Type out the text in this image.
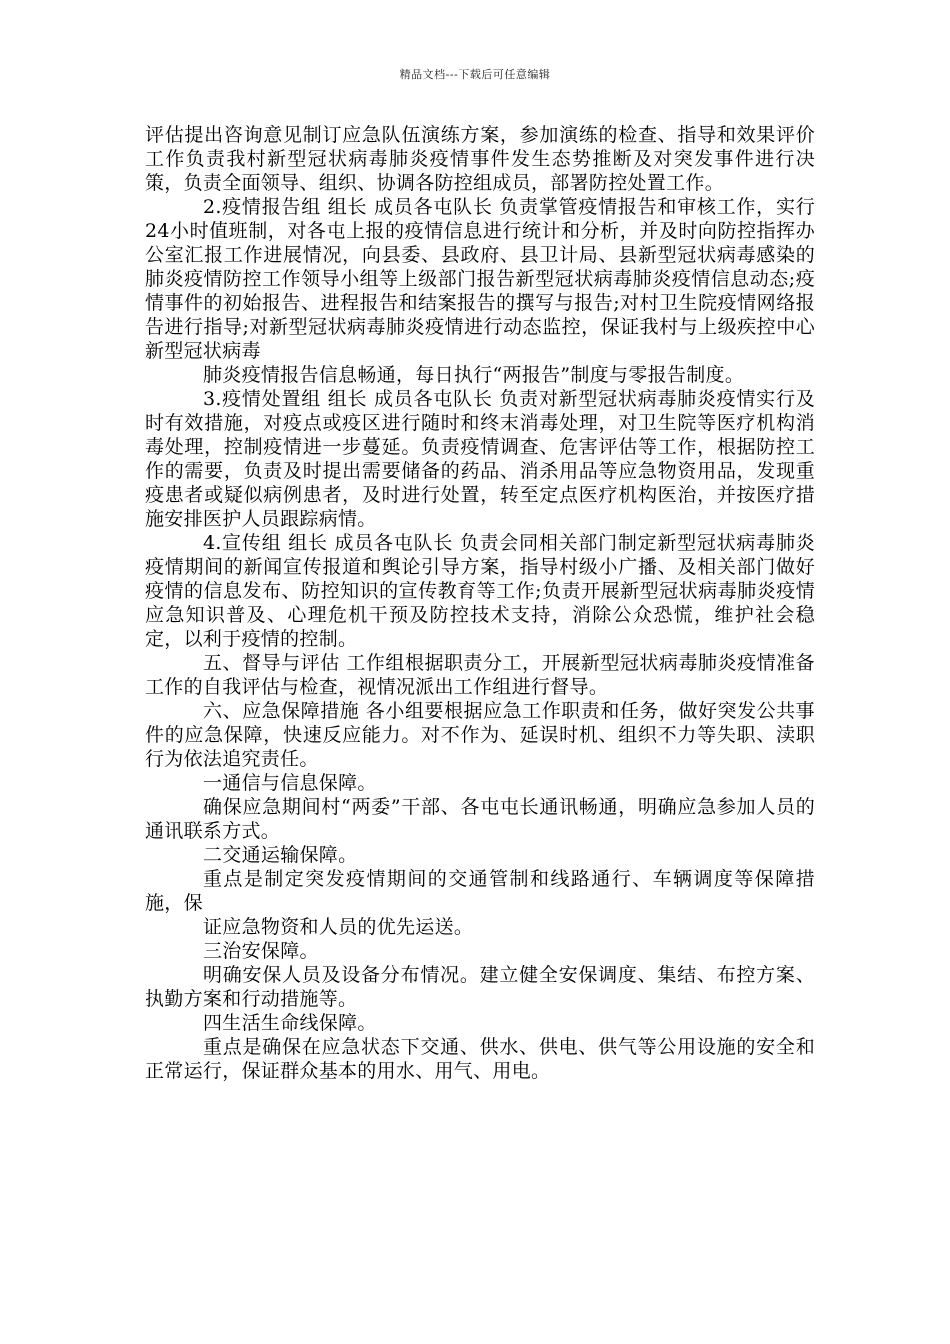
精品文档---下载后可任意编辑

评估提出咨询意见制订应急队伍演练方案，参加演练的检查、指导和效果评价工作负责我村新型冠状病毒肺炎疫情事件发生态势推断及对突发事件进行决策，负责全面领导、组织、协调各防控组成员，部署防控处置工作。

2.疫情报告组 组长 成员各屯队长 负责掌管疫情报告和审核工作，实行 24小时值班制，对各屯上报的疫情信息进行统计和分析，并及时向防控指挥办公室汇报工作进展情况，向县委、县政府、县卫计局、县新型冠状病毒感染的肺炎疫情防控工作领导小组等上级部门报告新型冠状病毒肺炎疫情信息动态;疫情事件的初始报告、进程报告和结案报告的撰写与报告;对村卫生院疫情网络报告进行指导;对新型冠状病毒肺炎疫情进行动态监控，保证我村与上级疾控中心新型冠状病毒

肺炎疫情报告信息畅通，每日执行“两报告”制度与零报告制度。

3.疫情处置组 组长 成员各屯队长 负责对新型冠状病毒肺炎疫情实行及时有效措施，对疫点或疫区进行随时和终末消毒处理，对卫生院等医疗机构消毒处理，控制疫情进一步蔓延。负责疫情调查、危害评估等工作，根据防控工作的需要，负责及时提出需要储备的药品、消杀用品等应急物资用品，发现重疫患者或疑似病例患者，及时进行处置，转至定点医疗机构医治，并按医疗措施安排医护人员跟踪病情。

4.宣传组 组长 成员各屯队长 负责会同相关部门制定新型冠状病毒肺炎疫情期间的新闻宣传报道和舆论引导方案，指导村级小广播、及相关部门做好疫情的信息发布、防控知识的宣传教育等工作;负责开展新型冠状病毒肺炎疫情应急知识普及、心理危机干预及防控技术支持，消除公众恐慌，维护社会稳定，以利于疫情的控制。

五、督导与评估 工作组根据职责分工，开展新型冠状病毒肺炎疫情准备工作的自我评估与检查，视情况派出工作组进行督导。

六、应急保障措施 各小组要根据应急工作职责和任务，做好突发公共事件的应急保障，快速反应能力。对不作为、延误时机、组织不力等失职、渎职行为依法追究责任。

一通信与信息保障。

确保应急期间村“两委”干部、各屯屯长通讯畅通，明确应急参加人员的通讯联系方式。

二交通运输保障。

重点是制定突发疫情期间的交通管制和线路通行、车辆调度等保障措施，保

证应急物资和人员的优先运送。

三治安保障。

明确安保人员及设备分布情况。建立健全安保调度、集结、布控方案、执勤方案和行动措施等。

四生活生命线保障。

重点是确保在应急状态下交通、供水、供电、供气等公用设施的安全和正常运行，保证群众基本的用水、用气、用电。
